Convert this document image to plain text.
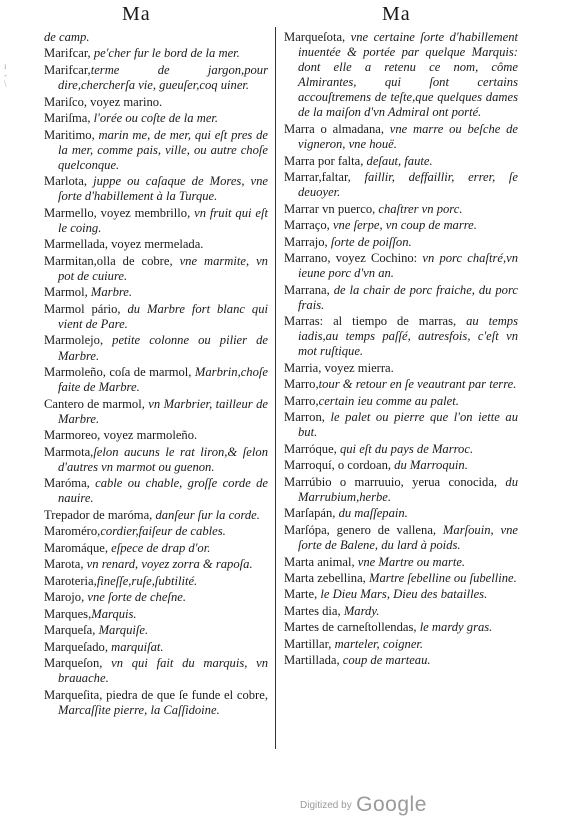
ı
-
\
Ma	Ma
de camp.
Marifcar, pe'cher fur le bord de la mer.
Marifcar,terme de jargon,pour dire,chercherſa vie, gueuſer,coq uiner.
Mariſco, voyez marino.
Mariſma, l'orée ou coſte de la mer.
Maritimo, marin me, de mer, qui eſt pres de la mer, comme pais, ville, ou autre choſe quelconque.
Marlota, juppe ou caſaque de Mores, vne ſorte d'habillement à la Turque.
Marmello, voyez membrillo, vn fruit qui eſt le coing.
Marmellada, voyez mermelada.
Marmitan,olla de cobre, vne marmite, vn pot de cuiure.
Marmol, Marbre.
Marmol pário, du Marbre fort blanc qui vient de Pare.
Marmolejo, petite colonne ou pilier de Marbre.
Marmoleño, coſa de marmol, Marbrin,choſe faite de Marbre.
Cantero de marmol, vn Marbrier, tailleur de Marbre.
Marmoreo, voyez marmoleño.
Marmota,ſelon aucuns le rat liron,& ſelon d'autres vn marmot ou guenon.
Maróma, cable ou chable, groſſe corde de nauire.
Trepador de maróma, danſeur ſur la corde.
Maroméro,cordier,faiſeur de cables.
Maromáque, eſpece de drap d'or.
Marota, vn renard, voyez zorra & rapoſa.
Maroteria,fineſſe,ruſe,ſubtilité.
Marojo, vne ſorte de cheſne.
Marques,Marquis.
Marqueſa, Marquiſe.
Marqueſado, marquiſat.
Marqueſon, vn qui fait du marquis, vn brauache.
Marqueſita, piedra de que ſe funde el cobre, Marcaſſite pierre, la Caſſidoine.
Marqueſota, vne certaine ſorte d'habillement inuentée & portée par quelque Marquis: dont elle a retenu ce nom, côme Almirantes, qui ſont certains accouſtremens de teſte,que quelques dames de la maiſon d'vn Admiral ont porté.
Marra o almadana, vne marre ou beſche de vigneron, vne houë.
Marra por falta, deſaut, faute.
Marrar,faltar, faillir, deffaillir, errer, ſe deuoyer.
Marrar vn puerco, chaſtrer vn porc.
Marraço, vne ſerpe, vn coup de marre.
Marrajo, ſorte de poiſſon.
Marrano, voyez Cochino: vn porc chaſtré,vn ieune porc d'vn an.
Marrana, de la chair de porc fraiche, du porc frais.
Marras: al tiempo de marras, au temps iadis,au temps paſſé, autresfois, c'eſt vn mot ruſtique.
Marria, voyez mierra.
Marro,tour & retour en ſe veautrant par terre.
Marro,certain ieu comme au palet.
Marron, le palet ou pierre que l'on iette au but.
Marróque, qui eſt du pays de Marroc.
Marroquí, o cordoan, du Marroquin.
Marrúbio o marruuio, yerua conocida, du Marrubium,herbe.
Marſapán, du maſſepain.
Marſópa, genero de vallena, Marſouin, vne ſorte de Balene, du lard à poids.
Marta animal, vne Martre ou marte.
Marta zebellina, Martre ſebelline ou ſubelline.
Marte, le Dieu Mars, Dieu des batailles.
Martes dia, Mardy.
Martes de carneſtollendas, le mardy gras.
Martillar, marteler, coigner.
Martillada, coup de marteau.
Digitized by Google
